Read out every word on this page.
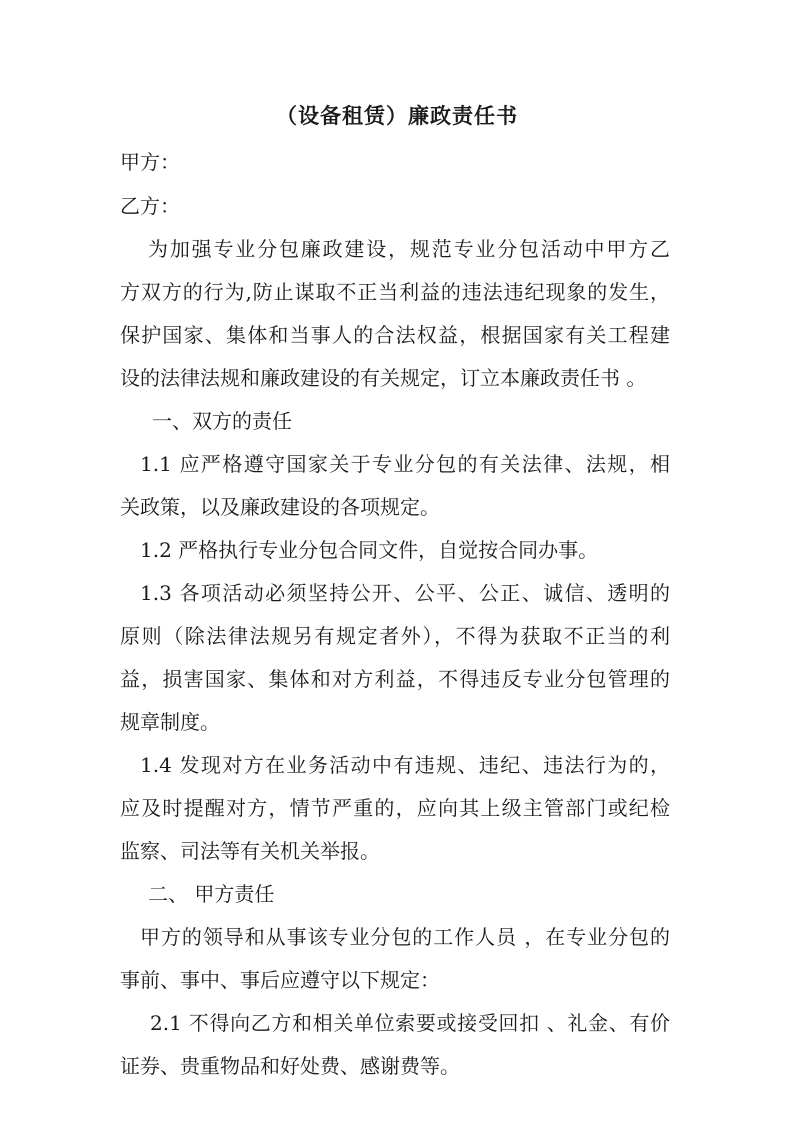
（设备租赁）廉政责任书
甲方：
乙方：
为加强专业分包廉政建设，规范专业分包活动中甲方乙
方双方的行为,防止谋取不正当利益的违法违纪现象的发生，
保护国家、集体和当事人的合法权益，根据国家有关工程建
设的法律法规和廉政建设的有关规定，订立本廉政责任书 。
一、双方的责任
1.1 应严格遵守国家关于专业分包的有关法律、法规，相
关政策，以及廉政建设的各项规定。
1.2 严格执行专业分包合同文件，自觉按合同办事。
1.3 各项活动必须坚持公开、公平、公正、诚信、透明的
原则（除法律法规另有规定者外），不得为获取不正当的利
益，损害国家、集体和对方利益，不得违反专业分包管理的
规章制度。
1.4 发现对方在业务活动中有违规、违纪、违法行为的，
应及时提醒对方，情节严重的，应向其上级主管部门或纪检
监察、司法等有关机关举报。
二、 甲方责任
甲方的领导和从事该专业分包的工作人员 ，在专业分包的
事前、事中、事后应遵守以下规定：
2.1 不得向乙方和相关单位索要或接受回扣 、礼金、有价
证券、贵重物品和好处费、感谢费等。
